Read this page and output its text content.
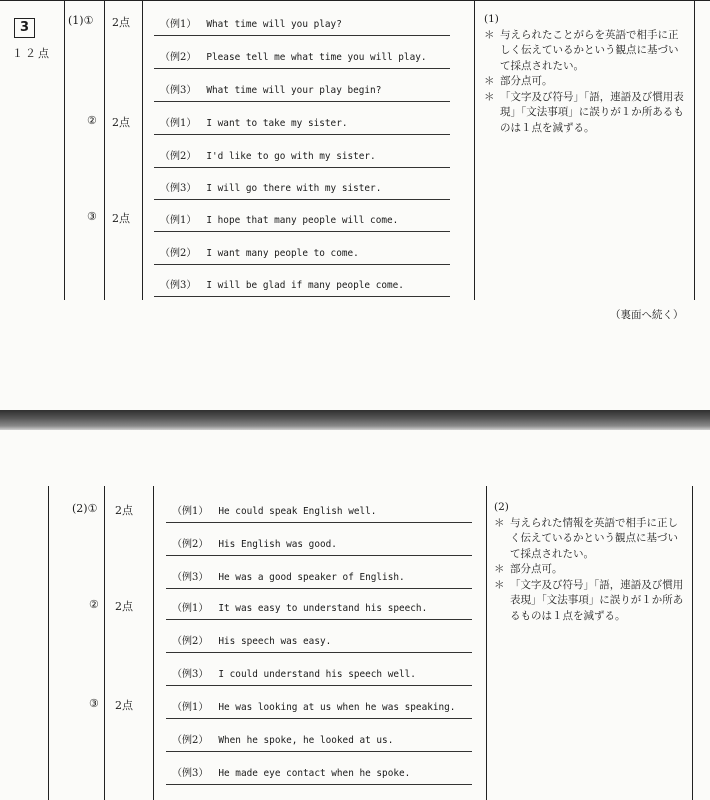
3
１２点
(1)① 2点
② 2点
③ 2点
（例1） What time will you play?
（例2） Please tell me what time you will play.
（例3） What time will your play begin?
（例1） I want to take my sister.
（例2） I'd like to go with my sister.
（例3） I will go there with my sister.
（例1） I hope that many people will come.
（例2） I want many people to come.
（例3） I will be glad if many people come.

(1)

＊ 与えられたことがらを英語で相手に正しく伝えているかという観点に基づいて採点されたい。

＊ 部分点可。

＊ 「文字及び符号」「語，連語及び慣用表現」「文法事項」に誤りが１か所あるものは１点を減ずる。

（裏面へ続く）
(2)① 2点
② 2点
③ 2点
（例1） He could speak English well.
（例2） His English was good.
（例3） He was a good speaker of English.
（例1） It was easy to understand his speech.
（例2） His speech was easy.
（例3） I could understand his speech well.
（例1） He was looking at us when he was speaking.
（例2） When he spoke, he looked at us.
（例3） He made eye contact when he spoke.

(2)

＊ 与えられた情報を英語で相手に正しく伝えているかという観点に基づいて採点されたい。

＊ 部分点可。

＊ 「文字及び符号」「語，連語及び慣用表現」「文法事項」に誤りが１か所あるものは１点を減ずる。
